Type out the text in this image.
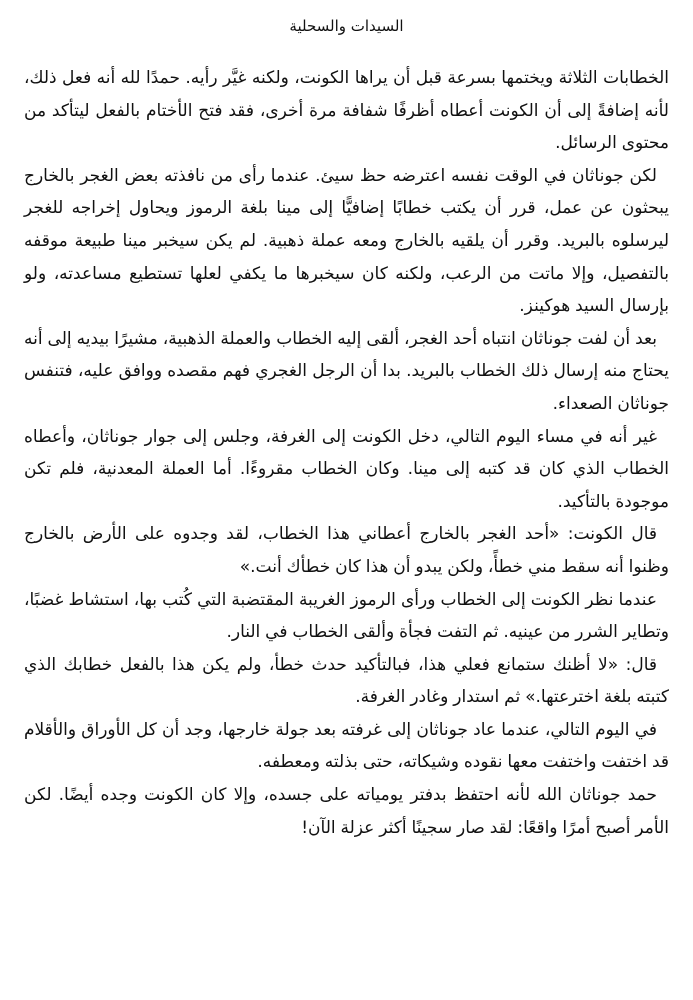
السيدات والسحلية

الخطابات الثلاثة ويختمها بسرعة قبل أن يراها الكونت، ولكنه غيَّر رأيه. حمدًا لله أنه فعل ذلك، لأنه إضافةً إلى أن الكونت أعطاه أظرفًا شفافة مرة أخرى، فقد فتح الأختام بالفعل ليتأكد من محتوى الرسائل.

لكن جوناثان في الوقت نفسه اعترضه حظ سيئ. عندما رأى من نافذته بعض الغجر بالخارج يبحثون عن عمل، قرر أن يكتب خطابًا إضافيًّا إلى مينا بلغة الرموز ويحاول إخراجه للغجر ليرسلوه بالبريد. وقرر أن يلقيه بالخارج ومعه عملة ذهبية. لم يكن سيخبر مينا طبيعة موقفه بالتفصيل، وإلا ماتت من الرعب، ولكنه كان سيخبرها ما يكفي لعلها تستطيع مساعدته، ولو بإرسال السيد هوكينز.

بعد أن لفت جوناثان انتباه أحد الغجر، ألقى إليه الخطاب والعملة الذهبية، مشيرًا بيديه إلى أنه يحتاج منه إرسال ذلك الخطاب بالبريد. بدا أن الرجل الغجري فهم مقصده ووافق عليه، فتنفس جوناثان الصعداء.

غير أنه في مساء اليوم التالي، دخل الكونت إلى الغرفة، وجلس إلى جوار جوناثان، وأعطاه الخطاب الذي كان قد كتبه إلى مينا. وكان الخطاب مقروءًا. أما العملة المعدنية، فلم تكن موجودة بالتأكيد.

قال الكونت: «أحد الغجر بالخارج أعطاني هذا الخطاب، لقد وجدوه على الأرض بالخارج وظنوا أنه سقط مني خطأً، ولكن يبدو أن هذا كان خطأك أنت.»

عندما نظر الكونت إلى الخطاب ورأى الرموز الغريبة المقتضبة التي كُتب بها، استشاط غضبًا، وتطاير الشرر من عينيه. ثم التفت فجأة وألقى الخطاب في النار.

قال: «لا أظنك ستمانع فعلي هذا، فبالتأكيد حدث خطأ، ولم يكن هذا بالفعل خطابك الذي كتبته بلغة اخترعتها.» ثم استدار وغادر الغرفة.

في اليوم التالي، عندما عاد جوناثان إلى غرفته بعد جولة خارجها، وجد أن كل الأوراق والأقلام قد اختفت واختفت معها نقوده وشيكاته، حتى بذلته ومعطفه.

حمد جوناثان الله لأنه احتفظ بدفتر يومياته على جسده، وإلا كان الكونت وجده أيضًا. لكن الأمر أصبح أمرًا واقعًا: لقد صار سجينًا أكثر عزلة الآن!
